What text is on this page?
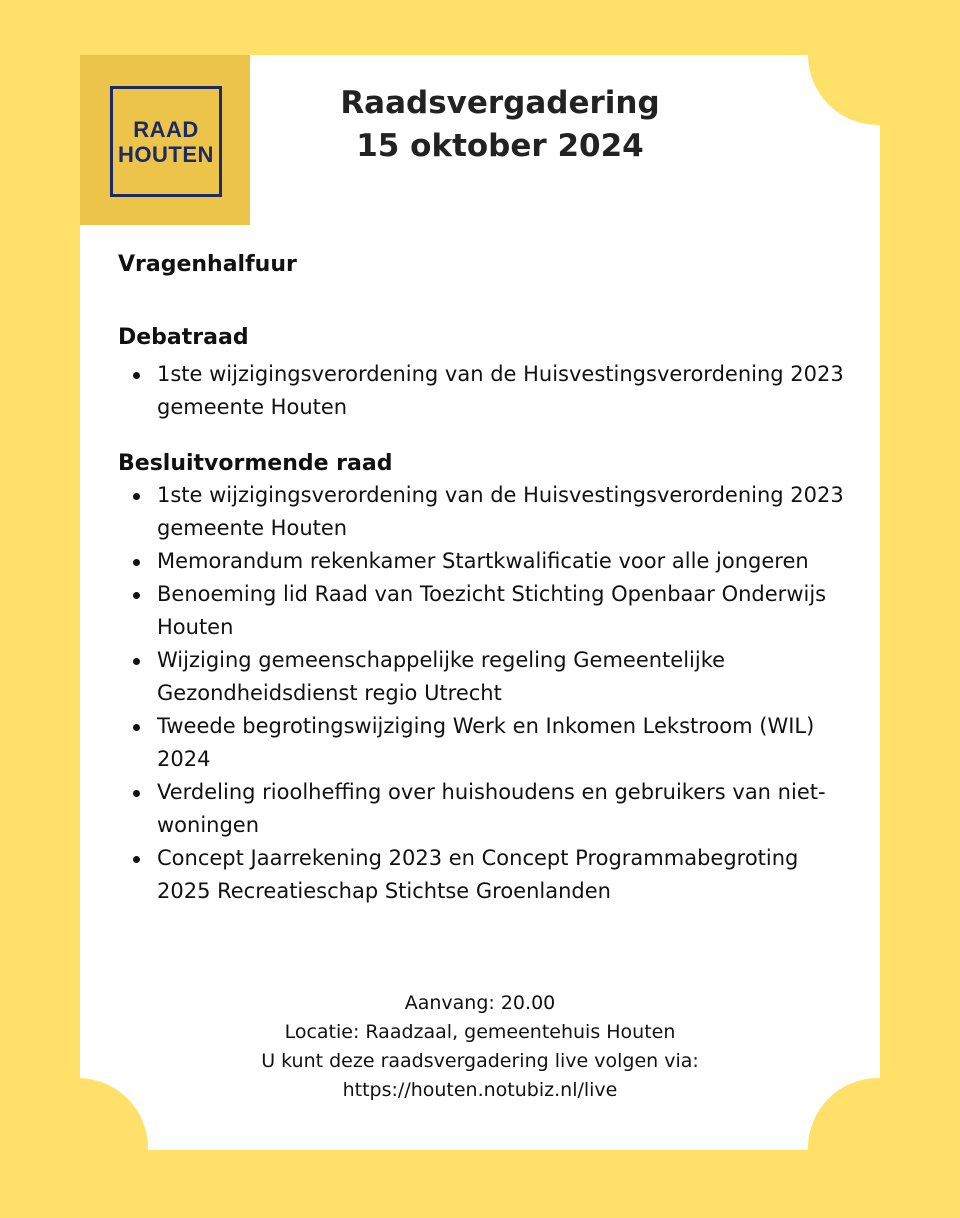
RAAD
HOUTEN
Raadsvergadering
15 oktober 2024
Vragenhalfuur
Debatraad
1ste wijzigingsverordening van de Huisvestingsverordening 2023 gemeente Houten
Besluitvormende raad
1ste wijzigingsverordening van de Huisvestingsverordening 2023 gemeente Houten
Memorandum rekenkamer Startkwalificatie voor alle jongeren
Benoeming lid Raad van Toezicht Stichting Openbaar Onderwijs Houten
Wijziging gemeenschappelijke regeling Gemeentelijke Gezondheidsdienst regio Utrecht
Tweede begrotingswijziging Werk en Inkomen Lekstroom (WIL) 2024
Verdeling rioolheffing over huishoudens en gebruikers van niet-woningen
Concept Jaarrekening 2023 en Concept Programmabegroting 2025 Recreatieschap Stichtse Groenlanden
Aanvang: 20.00
Locatie: Raadzaal, gemeentehuis Houten
U kunt deze raadsvergadering live volgen via:
https://houten.notubiz.nl/live
